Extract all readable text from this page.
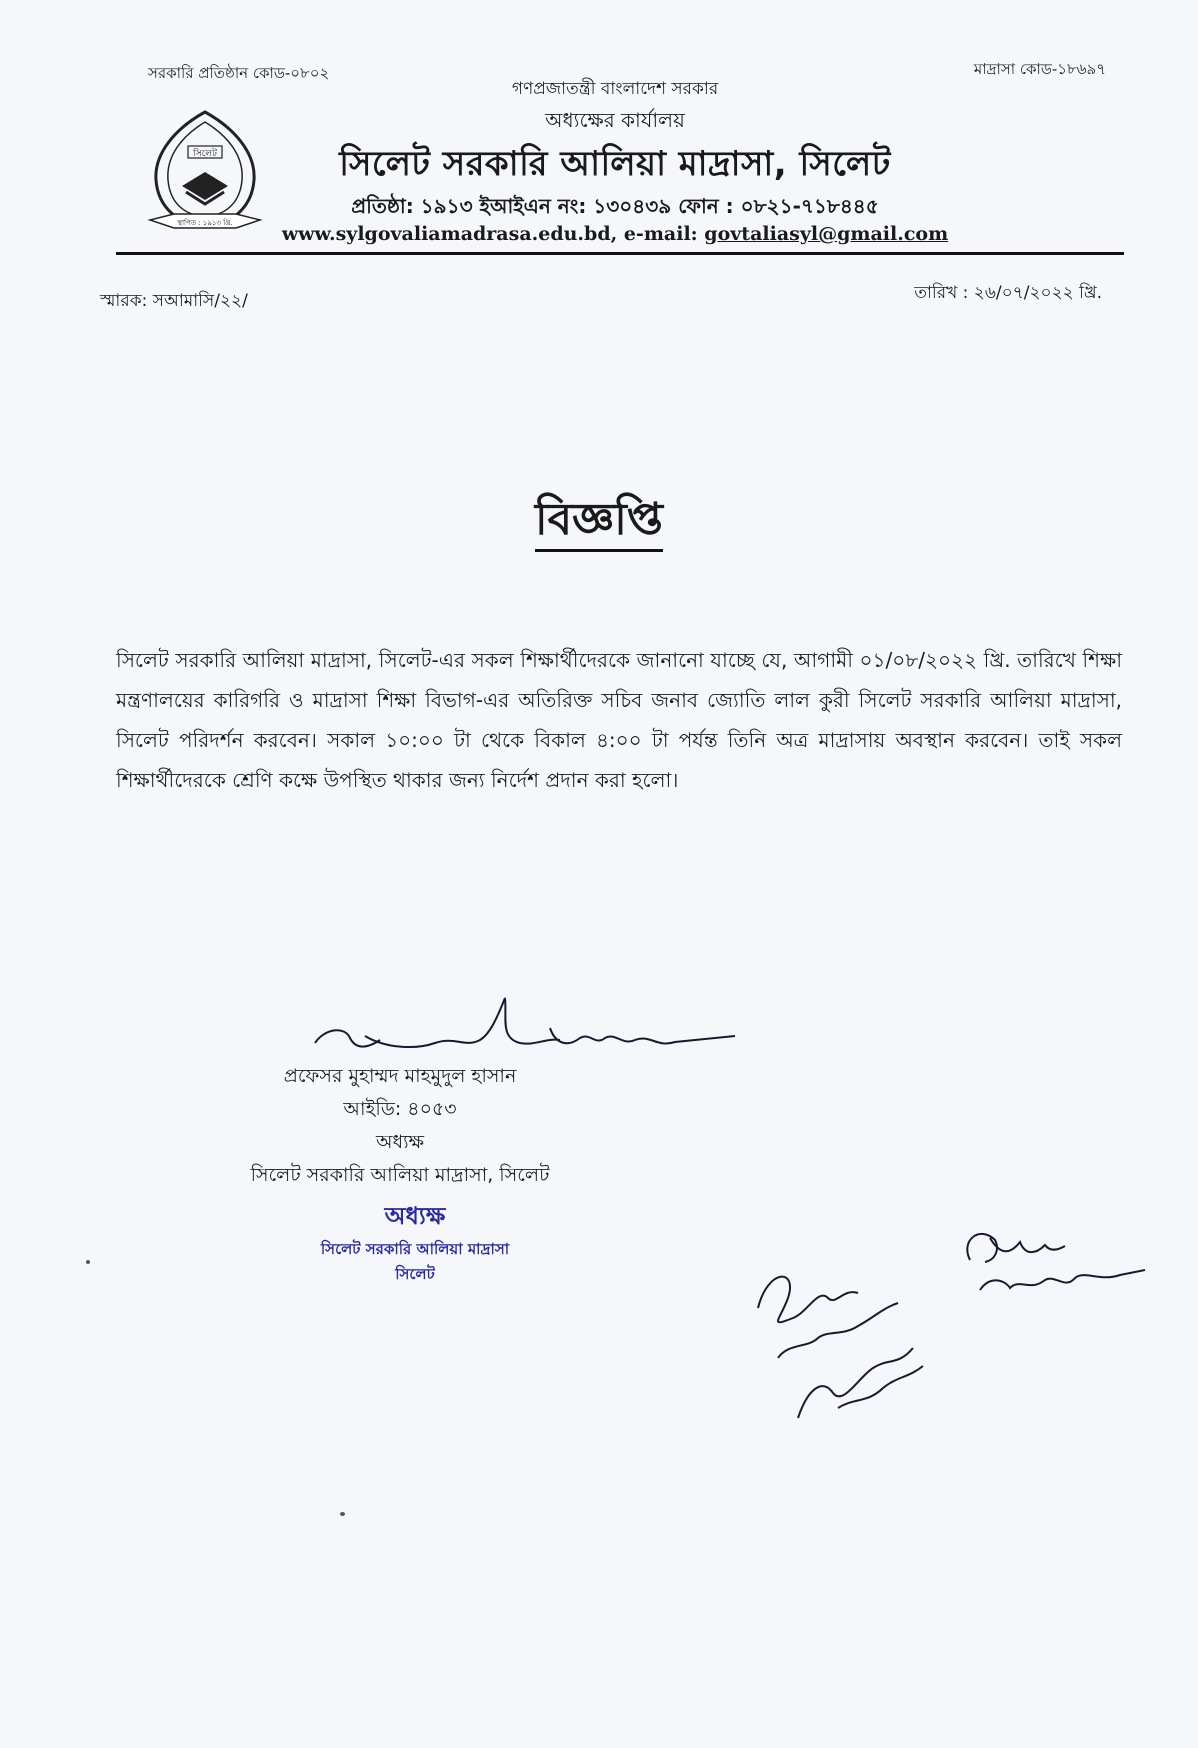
সরকারি প্রতিষ্ঠান কোড-০৮০২	মাদ্রাসা কোড-১৮৬৯৭
সিলেট
স্থাপিত : ১৯১৩ খ্রি.
গণপ্রজাতন্ত্রী বাংলাদেশ সরকার
অধ্যক্ষের কার্যালয়
সিলেট সরকারি আলিয়া মাদ্রাসা, সিলেট
প্রতিষ্ঠা: ১৯১৩ ইআইএন নং: ১৩০৪৩৯ ফোন : ০৮২১-৭১৮৪৪৫
www.sylgovaliamadrasa.edu.bd, e-mail: govtaliasyl@gmail.com
স্মারক: সআমাসি/২২/	তারিখ : ২৬/০৭/২০২২ খ্রি.
বিজ্ঞপ্তি
সিলেট সরকারি আলিয়া মাদ্রাসা, সিলেট-এর সকল শিক্ষার্থীদেরকে জানানো যাচ্ছে যে, আগামী ০১/০৮/২০২২ খ্রি. তারিখে শিক্ষা মন্ত্রণালয়ের কারিগরি ও মাদ্রাসা শিক্ষা বিভাগ-এর অতিরিক্ত সচিব জনাব জ্যোতি লাল কুরী সিলেট সরকারি আলিয়া মাদ্রাসা, সিলেট পরিদর্শন করবেন। সকাল ১০:০০ টা থেকে বিকাল ৪:০০ টা পর্যন্ত তিনি অত্র মাদ্রাসায় অবস্থান করবেন। তাই সকল শিক্ষার্থীদেরকে শ্রেণি কক্ষে উপস্থিত থাকার জন্য নির্দেশ প্রদান করা হলো।
প্রফেসর মুহাম্মদ মাহমুদুল হাসান
আইডি: ৪০৫৩
অধ্যক্ষ
সিলেট সরকারি আলিয়া মাদ্রাসা, সিলেট
অধ্যক্ষ
সিলেট সরকারি আলিয়া মাদ্রাসা
সিলেট
